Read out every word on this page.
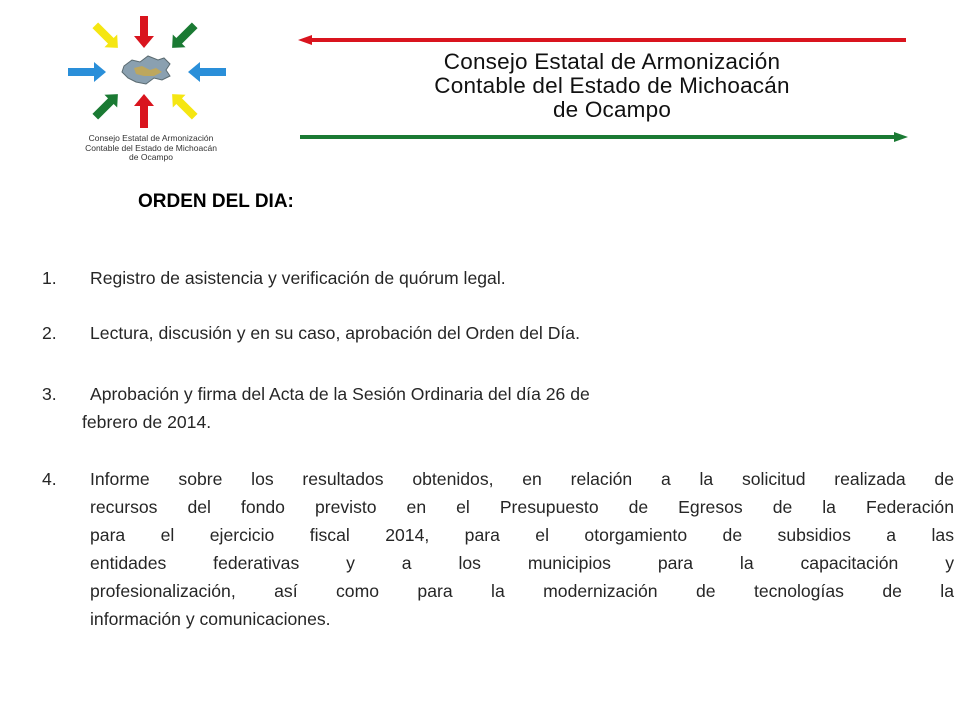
Consejo Estatal de Armonización
Contable del Estado de Michoacán
de Ocampo
Consejo Estatal de Armonización
Contable del Estado de Michoacán
de Ocampo
ORDEN DEL DIA:
1. Registro de asistencia y verificación de quórum legal.
2. Lectura, discusión y en su caso, aprobación del Orden del Día.
3. Aprobación y firma del Acta de la Sesión Ordinaria del día 26 de
febrero de 2014.
4. Informe sobre los resultados obtenidos, en relación a la solicitud realizada de
recursos del fondo previsto en el Presupuesto de Egresos de la Federación
para el ejercicio fiscal 2014, para el otorgamiento de subsidios a las
entidades federativas y a los municipios para la capacitación y
profesionalización, así como para la modernización de tecnologías de la
información y comunicaciones.
